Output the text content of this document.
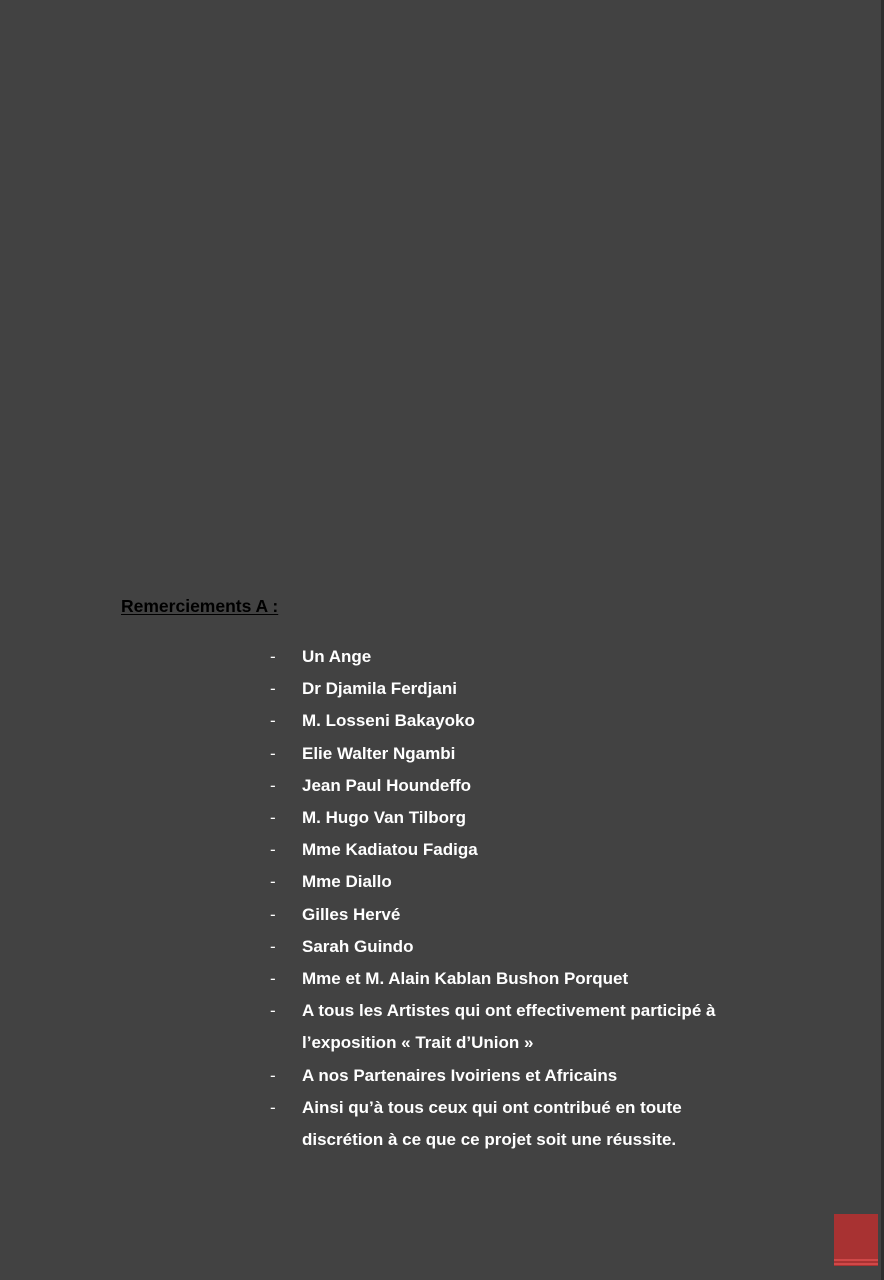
Remerciements A :
-	Un Ange
-	Dr Djamila Ferdjani
-	M. Losseni Bakayoko
-	Elie Walter Ngambi
-	Jean Paul Houndeffo
-	M. Hugo Van Tilborg
-	Mme Kadiatou Fadiga
-	Mme Diallo
-	Gilles Hervé
-	Sarah Guindo
-	Mme et M. Alain Kablan Bushon Porquet
-	A tous les Artistes qui ont effectivement participé à l’exposition « Trait d’Union »
-	A nos Partenaires Ivoiriens et Africains
-	Ainsi qu’à tous ceux qui ont contribué en toute discrétion à ce que ce projet soit une réussite.
